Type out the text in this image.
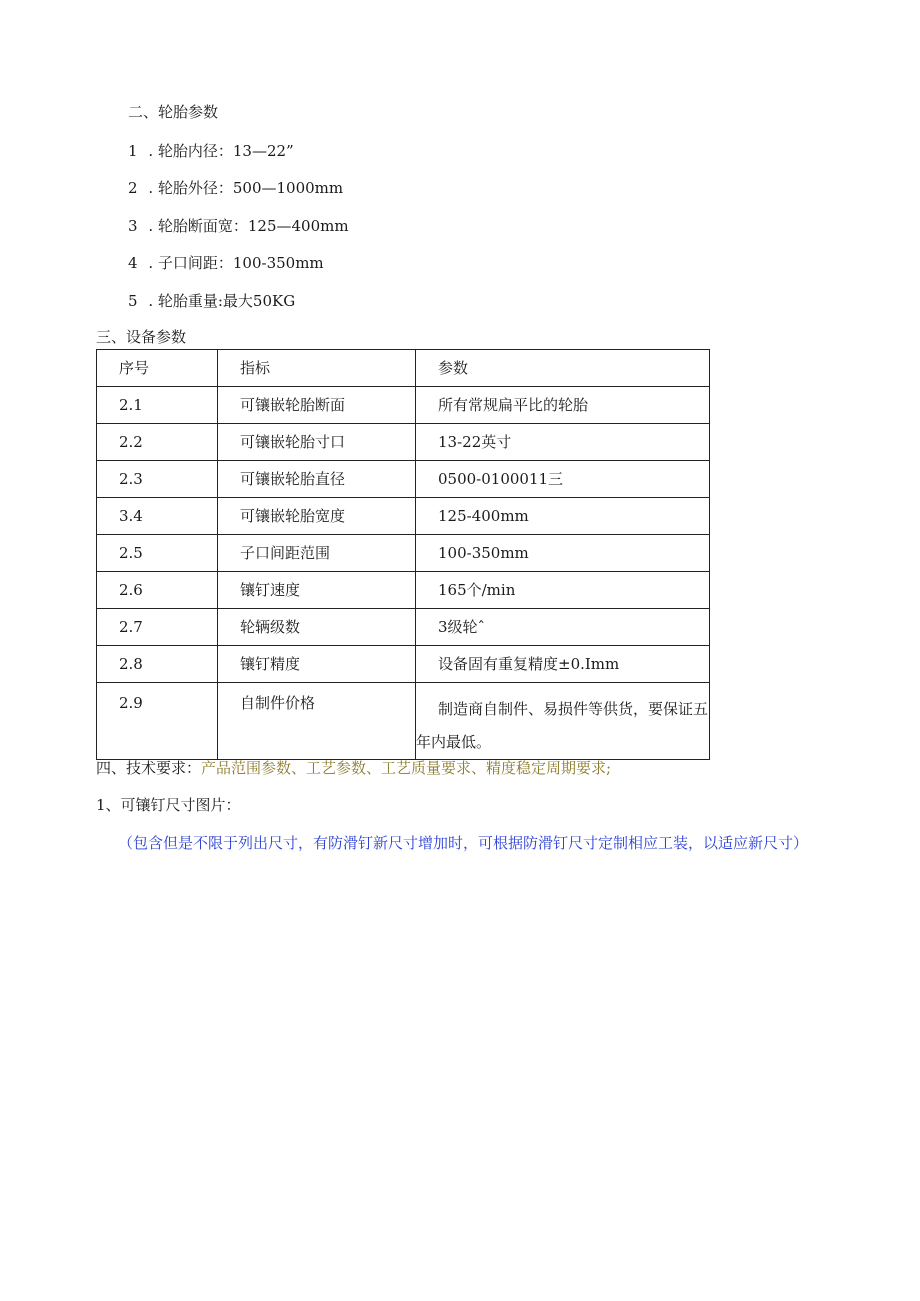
二、轮胎参数
1 . 轮胎内径：13—22”
2 . 轮胎外径：500—1000mm
3 . 轮胎断面宽：125—400mm
4 . 子口间距：100-350mm
5 . 轮胎重量:最大50KG
三、设备参数
序号	指标	参数
2.1	可镶嵌轮胎断面	所有常规扁平比的轮胎
2.2	可镶嵌轮胎寸口	13-22英寸
2.3	可镶嵌轮胎直径	0500-0100011三
3.4	可镶嵌轮胎宽度	125-400mm
2.5	子口间距范围	100-350mm
2.6	镶钉速度	165个/min
2.7	轮辆级数	3级轮ˆ
2.8	镶钉精度	设备固有重复精度±0.Imm
2.9	自制件价格	制造商自制件、易损件等供货，要保证五年内最低。
四、技术要求：产品范围参数、工艺参数、工艺质量要求、精度稳定周期要求;
1、可镶钉尺寸图片：
（包含但是不限于列出尺寸，有防滑钉新尺寸增加时，可根据防滑钉尺寸定制相应工装，以适应新尺寸）
